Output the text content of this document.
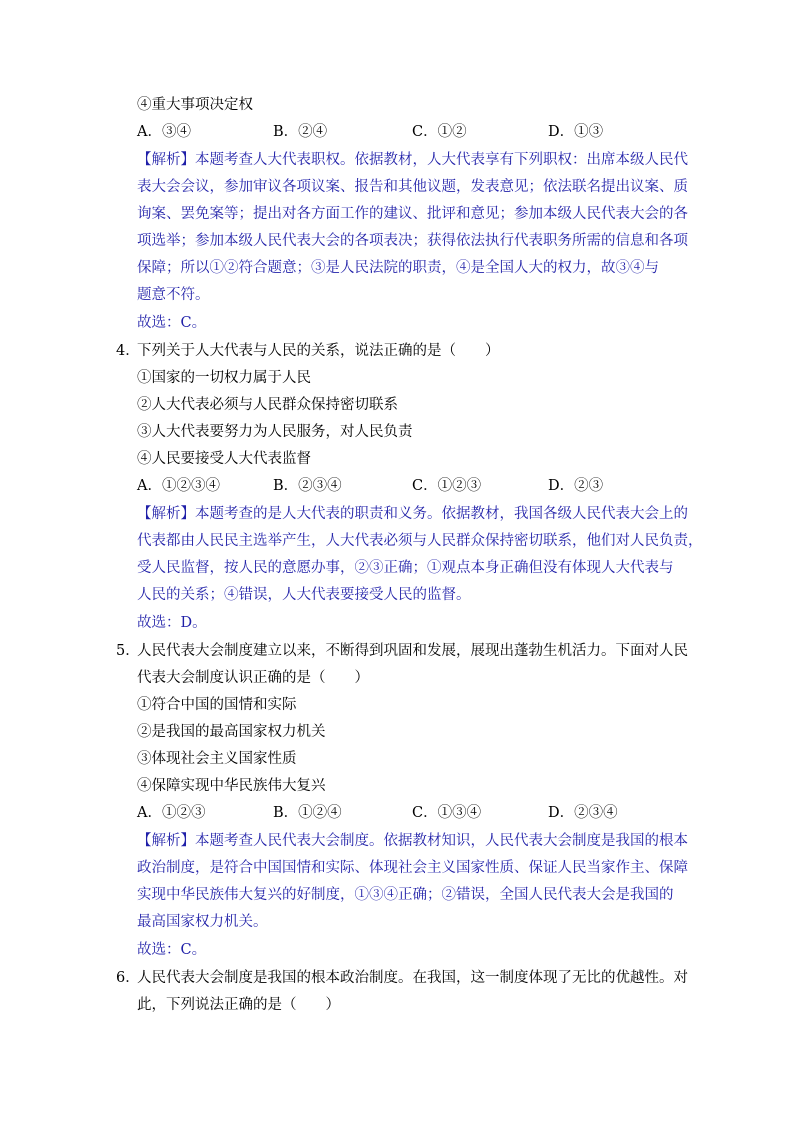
④重大事项决定权
A．③④	B．②④	C．①②	D．①③
【解析】本题考查人大代表职权。依据教材，人大代表享有下列职权：出席本级人民代
表大会会议，参加审议各项议案、报告和其他议题，发表意见；依法联名提出议案、质
询案、罢免案等；提出对各方面工作的建议、批评和意见；参加本级人民代表大会的各
项选举；参加本级人民代表大会的各项表决；获得依法执行代表职务所需的信息和各项
保障；所以①②符合题意；③是人民法院的职责，④是全国人大的权力，故③④与
题意不符。
故选：C。
4．
下列关于人大代表与人民的关系，说法正确的是（　　）
①国家的一切权力属于人民
②人大代表必须与人民群众保持密切联系
③人大代表要努力为人民服务，对人民负责
④人民要接受人大代表监督
A．①②③④	B．②③④	C．①②③	D．②③
【解析】本题考查的是人大代表的职责和义务。依据教材，我国各级人民代表大会上的
代表都由人民民主选举产生，人大代表必须与人民群众保持密切联系，他们对人民负责，
受人民监督，按人民的意愿办事，②③正确；①观点本身正确但没有体现人大代表与
人民的关系；④错误，人大代表要接受人民的监督。
故选：D。
5．
人民代表大会制度建立以来，不断得到巩固和发展，展现出蓬勃生机活力。下面对人民
代表大会制度认识正确的是（　　）
①符合中国的国情和实际
②是我国的最高国家权力机关
③体现社会主义国家性质
④保障实现中华民族伟大复兴
A．①②③	B．①②④	C．①③④	D．②③④
【解析】本题考查人民代表大会制度。依据教材知识，人民代表大会制度是我国的根本
政治制度，是符合中国国情和实际、体现社会主义国家性质、保证人民当家作主、保障
实现中华民族伟大复兴的好制度，①③④正确；②错误，全国人民代表大会是我国的
最高国家权力机关。
故选：C。
6．
人民代表大会制度是我国的根本政治制度。在我国，这一制度体现了无比的优越性。对
此，下列说法正确的是（　　）
